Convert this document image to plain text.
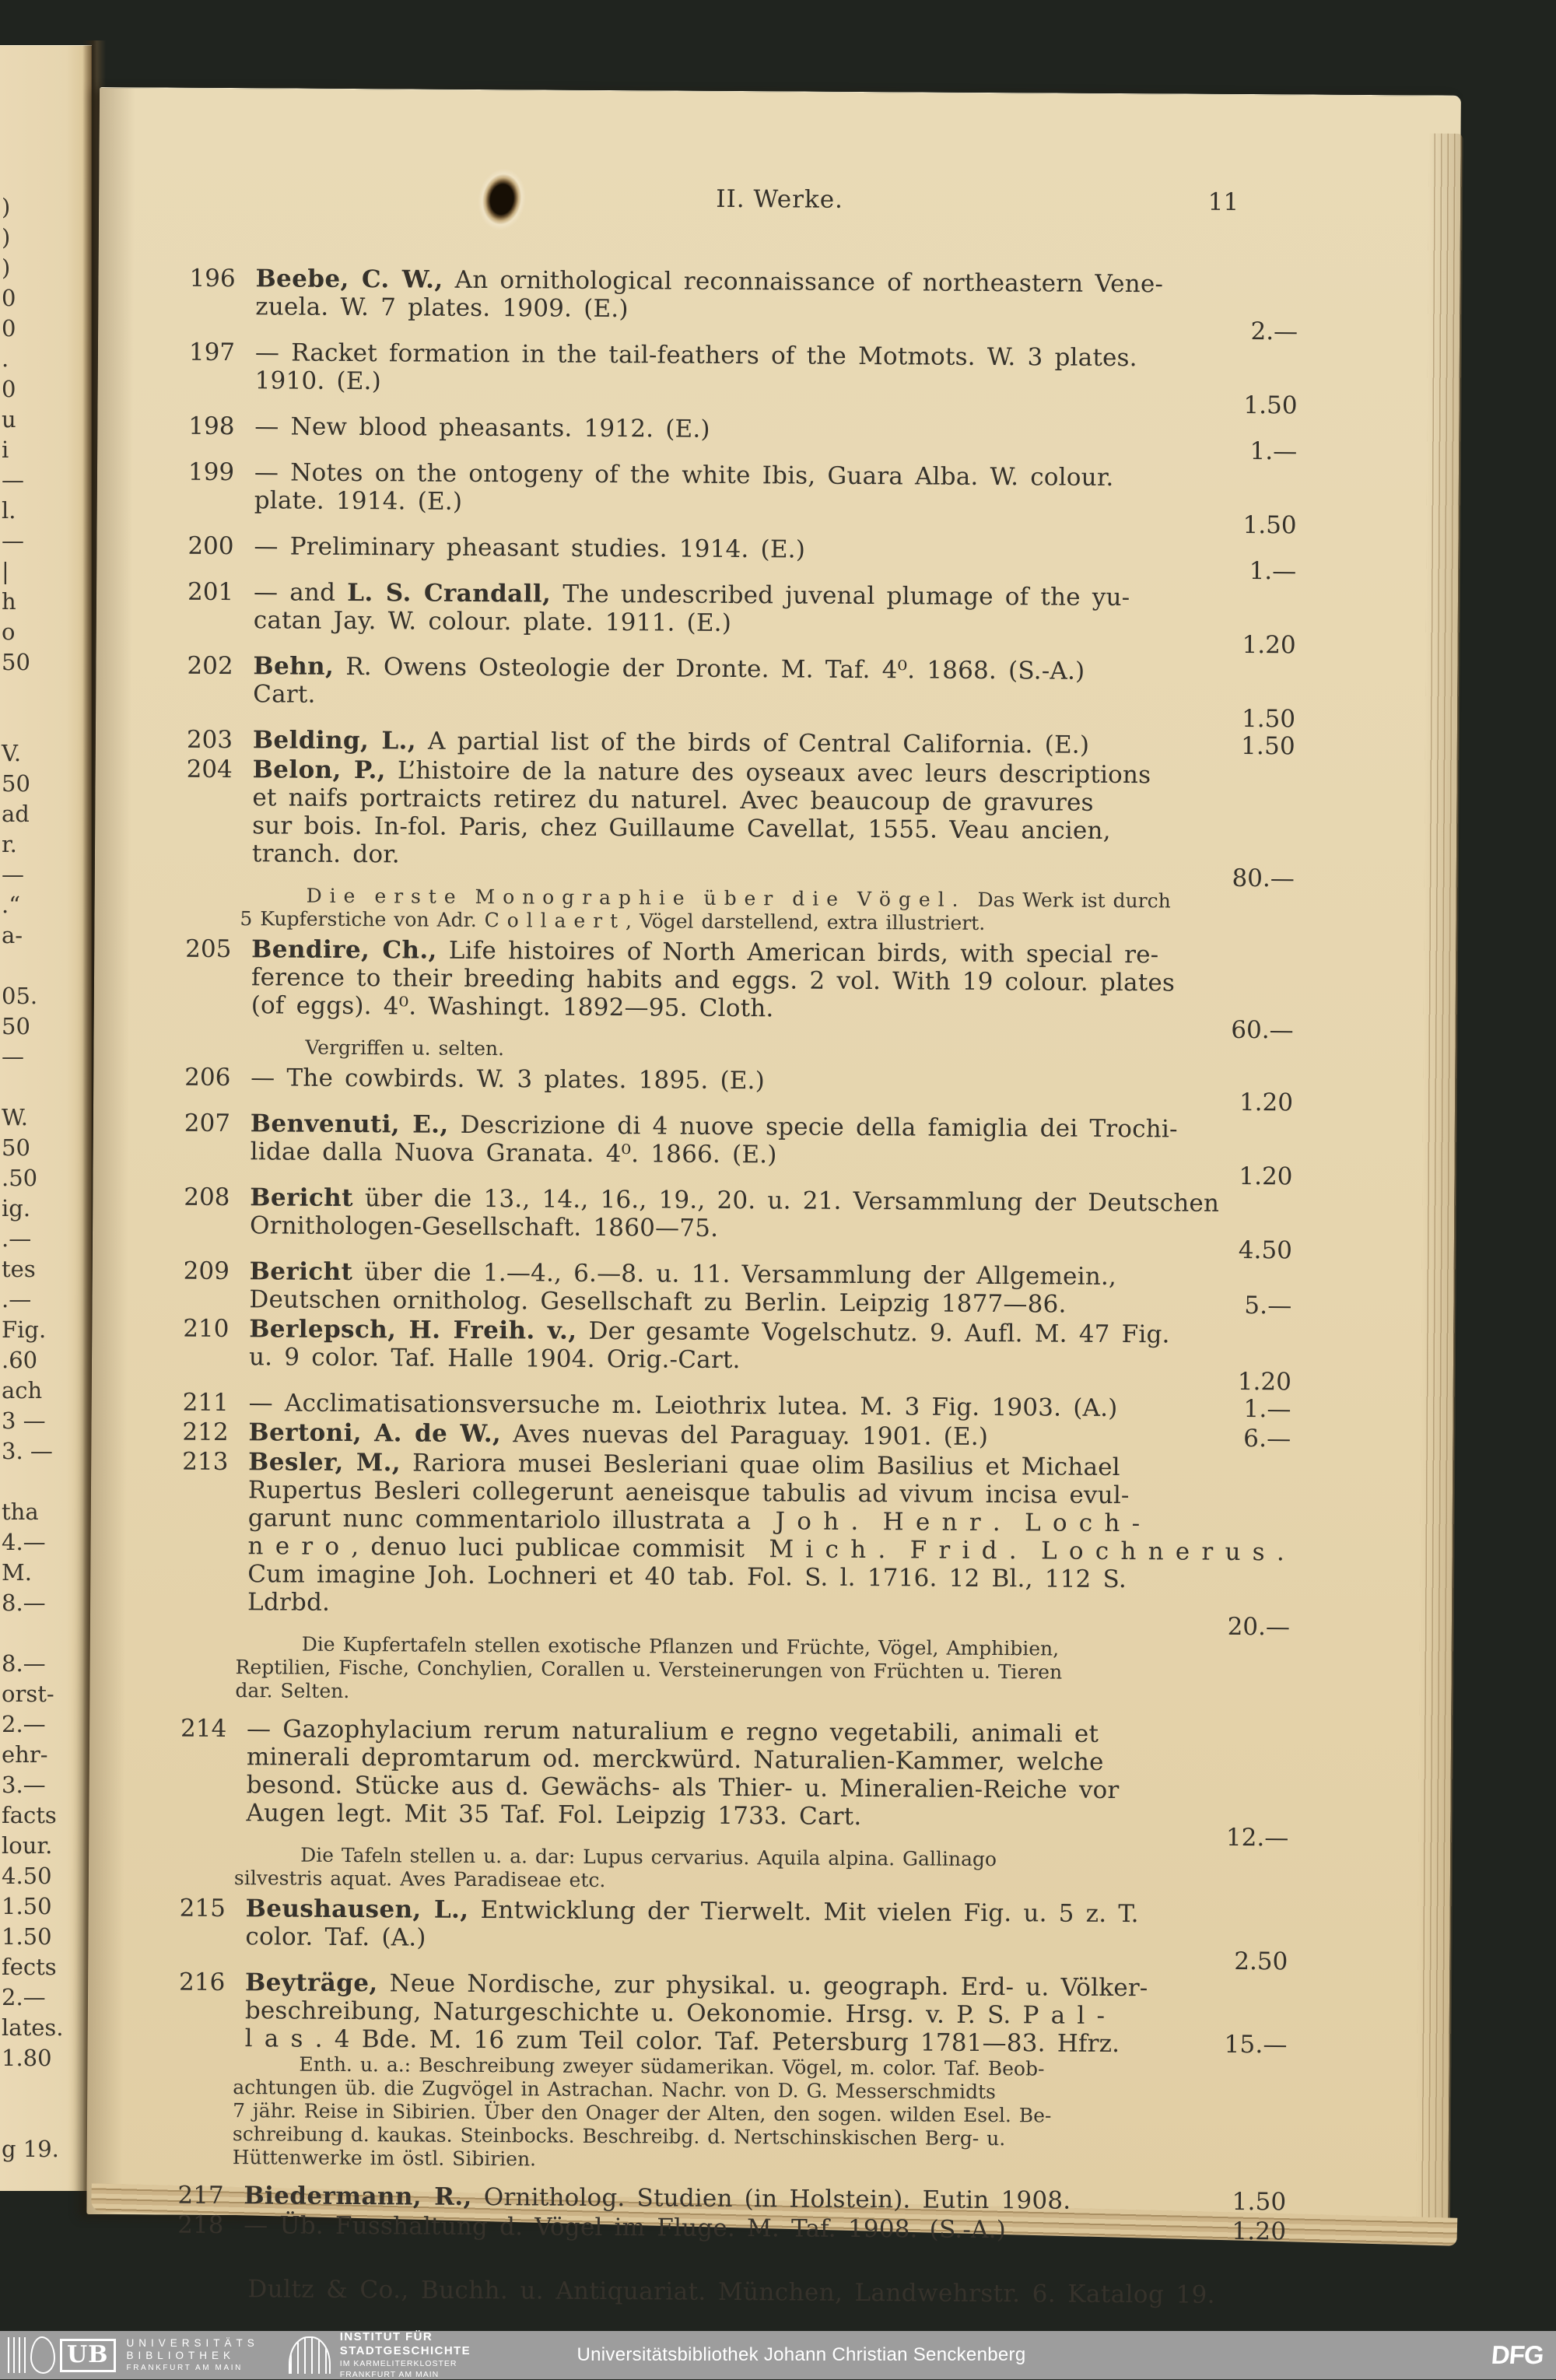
)
)
)
0
0
.
0
u
i
—
l.
—
|
h
o
50
V.
50
ad
r.
—
.“
a-
05.
50
—
W.
50
.50
ig.
.—
tes
.—
Fig.
.60
ach
3 —
3. —
tha
4.—
M.
8.—
8.—
orst-
2.—
ehr-
3.—
facts
lour.
4.50
1.50
1.50
fects
2.—
lates.
1.80
g 19.
II. Werke.	11
196 Beebe, C. W., An ornithological reconnaissance of northeastern Vene-
zuela. W. 7 plates. 1909. (E.)
2.—
197 — Racket formation in the tail-feathers of the Motmots. W. 3 plates.
1910. (E.)
1.50
198 — New blood pheasants. 1912. (E.)
1.—
199 — Notes on the ontogeny of the white Ibis, Guara Alba. W. colour.
plate. 1914. (E.)
1.50
200 — Preliminary pheasant studies. 1914. (E.)
1.—
201 — and L. S. Crandall, The undescribed juvenal plumage of the yu-
catan Jay. W. colour. plate. 1911. (E.)
1.20
202 Behn, R. Owens Osteologie der Dronte. M. Taf. 4⁰. 1868. (S.-A.)
Cart.
1.50
203 Belding, L., A partial list of the birds of Central California. (E.)	1.50
204 Belon, P., L’histoire de la nature des oyseaux avec leurs descriptions
et naifs portraicts retirez du naturel. Avec beaucoup de gravures
sur bois. In-fol. Paris, chez Guillaume Cavellat, 1555. Veau ancien,
tranch. dor.
80.—
D i e e r s t e M o n o g r a p h i e ü b e r d i e V ö g e l . Das Werk ist durch
5 Kupferstiche von Adr. C o l l a e r t , Vögel darstellend, extra illustriert.
205 Bendire, Ch., Life histoires of North American birds, with special re-
ference to their breeding habits and eggs. 2 vol. With 19 colour. plates
(of eggs). 4⁰. Washingt. 1892—95. Cloth.
60.—
Vergriffen u. selten.
206 — The cowbirds. W. 3 plates. 1895. (E.)
1.20
207 Benvenuti, E., Descrizione di 4 nuove specie della famiglia dei Trochi-
lidae dalla Nuova Granata. 4⁰. 1866. (E.)
1.20
208 Bericht über die 13., 14., 16., 19., 20. u. 21. Versammlung der Deutschen
Ornithologen-Gesellschaft. 1860—75.
4.50
209 Bericht über die 1.—4., 6.—8. u. 11. Versammlung der Allgemein.,
Deutschen ornitholog. Gesellschaft zu Berlin. Leipzig 1877—86.	5.—
210 Berlepsch, H. Freih. v., Der gesamte Vogelschutz. 9. Aufl. M. 47 Fig.
u. 9 color. Taf. Halle 1904. Orig.-Cart.
1.20
211 — Acclimatisationsversuche m. Leiothrix lutea. M. 3 Fig. 1903. (A.)	1.—
212 Bertoni, A. de W., Aves nuevas del Paraguay. 1901. (E.)	6.—
213 Besler, M., Rariora musei Besleriani quae olim Basilius et Michael
Rupertus Besleri collegerunt aeneisque tabulis ad vivum incisa evul-
garunt nunc commentariolo illustrata a J o h . H e n r . L o c h -
n e r o , denuo luci publicae commisit M i c h . F r i d . L o c h n e r u s .
Cum imagine Joh. Lochneri et 40 tab. Fol. S. l. 1716. 12 Bl., 112 S.
Ldrbd.
20.—
Die Kupfertafeln stellen exotische Pflanzen und Früchte, Vögel, Amphibien,
Reptilien, Fische, Conchylien, Corallen u. Versteinerungen von Früchten u. Tieren
dar. Selten.
214 — Gazophylacium rerum naturalium e regno vegetabili, animali et
minerali depromtarum od. merckwürd. Naturalien-Kammer, welche
besond. Stücke aus d. Gewächs- als Thier- u. Mineralien-Reiche vor
Augen legt. Mit 35 Taf. Fol. Leipzig 1733. Cart.
12.—
Die Tafeln stellen u. a. dar: Lupus cervarius. Aquila alpina. Gallinago
silvestris aquat. Aves Paradiseae etc.
215 Beushausen, L., Entwicklung der Tierwelt. Mit vielen Fig. u. 5 z. T.
color. Taf. (A.)
2.50
216 Beyträge, Neue Nordische, zur physikal. u. geograph. Erd- u. Völker-
beschreibung, Naturgeschichte u. Oekonomie. Hrsg. v. P. S. P a l -
l a s . 4 Bde. M. 16 zum Teil color. Taf. Petersburg 1781—83. Hfrz.	15.—
Enth. u. a.: Beschreibung zweyer südamerikan. Vögel, m. color. Taf. Beob-
achtungen üb. die Zugvögel in Astrachan. Nachr. von D. G. Messerschmidts
7 jähr. Reise in Sibirien. Über den Onager der Alten, den sogen. wilden Esel. Be-
schreibung d. kaukas. Steinbocks. Beschreibg. d. Nertschinskischen Berg- u.
Hüttenwerke im östl. Sibirien.
217 Biedermann, R., Ornitholog. Studien (in Holstein). Eutin 1908.	1.50
218 — Üb. Fusshaltung d. Vögel im Fluge. M. Taf. 1908. (S.-A.)	1.20
Dultz & Co., Buchh. u. Antiquariat. München, Landwehrstr. 6. Katalog 19.
UB	UNIVERSITÄTS
BIBLIOTHEK
FRANKFURT AM MAIN
INSTITUT FÜR
STADTGESCHICHTE
IM KARMELITERKLOSTER
FRANKFURT AM MAIN
Universitätsbibliothek Johann Christian Senckenberg	DFG
